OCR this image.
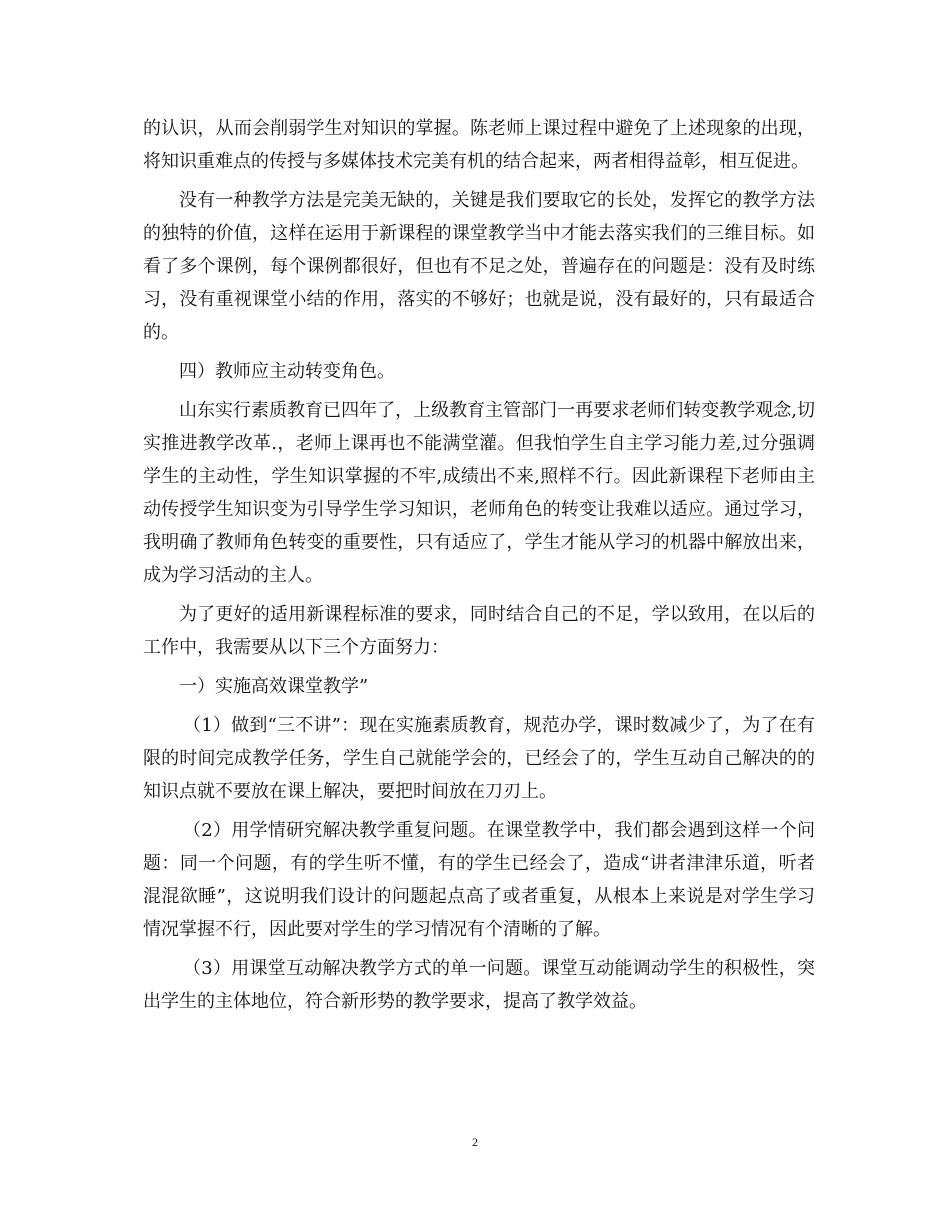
的认识，从而会削弱学生对知识的掌握。陈老师上课过程中避免了上述现象的出现，将知识重难点的传授与多媒体技术完美有机的结合起来，两者相得益彰，相互促进。

没有一种教学方法是完美无缺的，关键是我们要取它的长处，发挥它的教学方法的独特的价值，这样在运用于新课程的课堂教学当中才能去落实我们的三维目标。如看了多个课例，每个课例都很好，但也有不足之处，普遍存在的问题是：没有及时练习，没有重视课堂小结的作用，落实的不够好；也就是说，没有最好的，只有最适合的。

四）教师应主动转变角色。

山东实行素质教育已四年了，上级教育主管部门一再要求老师们转变教学观念,切实推进教学改革.，老师上课再也不能满堂灌。但我怕学生自主学习能力差,过分强调学生的主动性，学生知识掌握的不牢,成绩出不来,照样不行。因此新课程下老师由主动传授学生知识变为引导学生学习知识，老师角色的转变让我难以适应。通过学习，我明确了教师角色转变的重要性，只有适应了，学生才能从学习的机器中解放出来，成为学习活动的主人。

为了更好的适用新课程标准的要求，同时结合自己的不足，学以致用，在以后的工作中，我需要从以下三个方面努力：

一）实施高效课堂教学”

（1）做到“三不讲”：现在实施素质教育，规范办学，课时数减少了，为了在有限的时间完成教学任务，学生自己就能学会的，已经会了的，学生互动自己解决的的知识点就不要放在课上解决，要把时间放在刀刃上。

（2）用学情研究解决教学重复问题。在课堂教学中，我们都会遇到这样一个问题：同一个问题，有的学生听不懂，有的学生已经会了，造成“讲者津津乐道，听者混混欲睡”，这说明我们设计的问题起点高了或者重复，从根本上来说是对学生学习情况掌握不行，因此要对学生的学习情况有个清晰的了解。

（3）用课堂互动解决教学方式的单一问题。课堂互动能调动学生的积极性，突出学生的主体地位，符合新形势的教学要求，提高了教学效益。

2
